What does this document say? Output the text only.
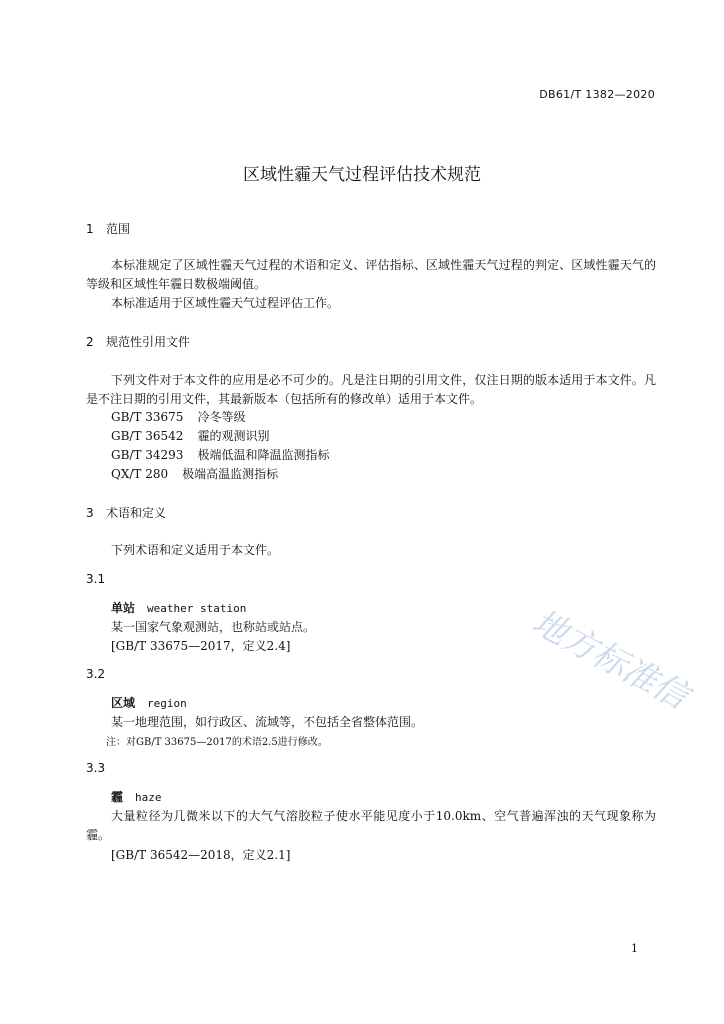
DB61/T 1382—2020
区域性霾天气过程评估技术规范
1 范围
本标准规定了区域性霾天气过程的术语和定义、评估指标、区域性霾天气过程的判定、区域性霾天气的等级和区域性年霾日数极端阈值。
本标准适用于区域性霾天气过程评估工作。
2 规范性引用文件
下列文件对于本文件的应用是必不可少的。凡是注日期的引用文件，仅注日期的版本适用于本文件。凡是不注日期的引用文件，其最新版本（包括所有的修改单）适用于本文件。
GB/T 33675 冷冬等级
GB/T 36542 霾的观测识别
GB/T 34293 极端低温和降温监测指标
QX/T 280 极端高温监测指标
3 术语和定义
下列术语和定义适用于本文件。
3.1
单站 weather station
某一国家气象观测站，也称站或站点。
[GB/T 33675—2017，定义2.4]
3.2
区域 region
某一地理范围，如行政区、流域等，不包括全省整体范围。
注：对GB/T 33675—2017的术语2.5进行修改。
3.3
霾 haze
大量粒径为几微米以下的大气气溶胶粒子使水平能见度小于10.0km、空气普遍浑浊的天气现象称为霾。
[GB/T 36542—2018，定义2.1]
1
地方标准信
